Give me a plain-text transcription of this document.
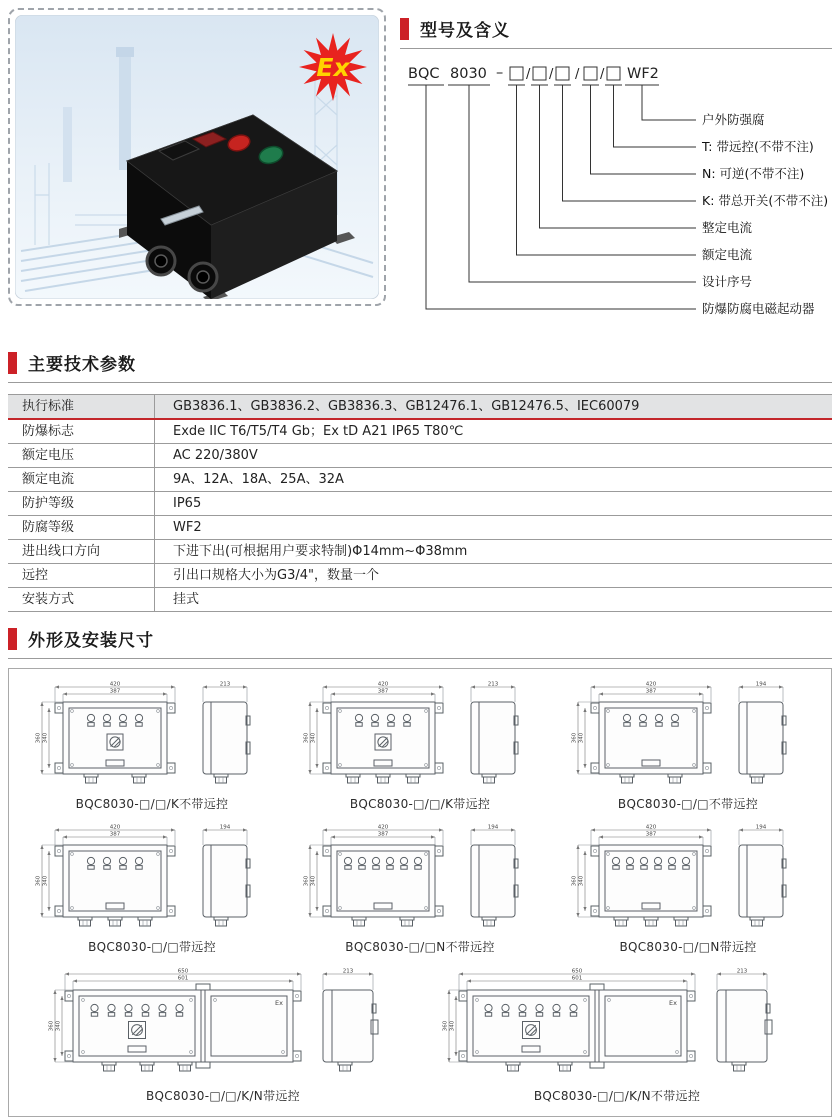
Ex
型号及含义
BQC 8030 – / / / / WF2
户外防强腐
T: 带远控(不带不注)
N: 可逆(不带不注)
K: 带总开关(不带不注)
整定电流
额定电流
设计序号
防爆防腐电磁起动器
主要技术参数
执行标准	GB3836.1、GB3836.2、GB3836.3、GB12476.1、GB12476.5、IEC60079
防爆标志	Exde IIC T6/T5/T4 Gb；Ex tD A21 IP65 T80℃
额定电压	AC 220/380V
额定电流	9A、12A、18A、25A、32A
防护等级	IP65
防腐等级	WF2
进出线口方向	下进下出(可根据用户要求特制)Φ14mm~Φ38mm
远控	引出口规格大小为G3/4"，数量一个
安装方式	挂式
外形及安装尺寸
420
387
360 340
213
BQC8030-□/□/K不带远控
420
387
360 340
213
BQC8030-□/□/K带远控
420
387
360 340
194
BQC8030-□/□不带远控
420
387
360 340
194
BQC8030-□/□带远控
420
387
360 340
194
BQC8030-□/□N不带远控
420
387
360 340
194
BQC8030-□/□N带远控
Ex
650
601
360 340
213
BQC8030-□/□/K/N带远控
Ex
650
601
360 340
213
BQC8030-□/□/K/N不带远控
